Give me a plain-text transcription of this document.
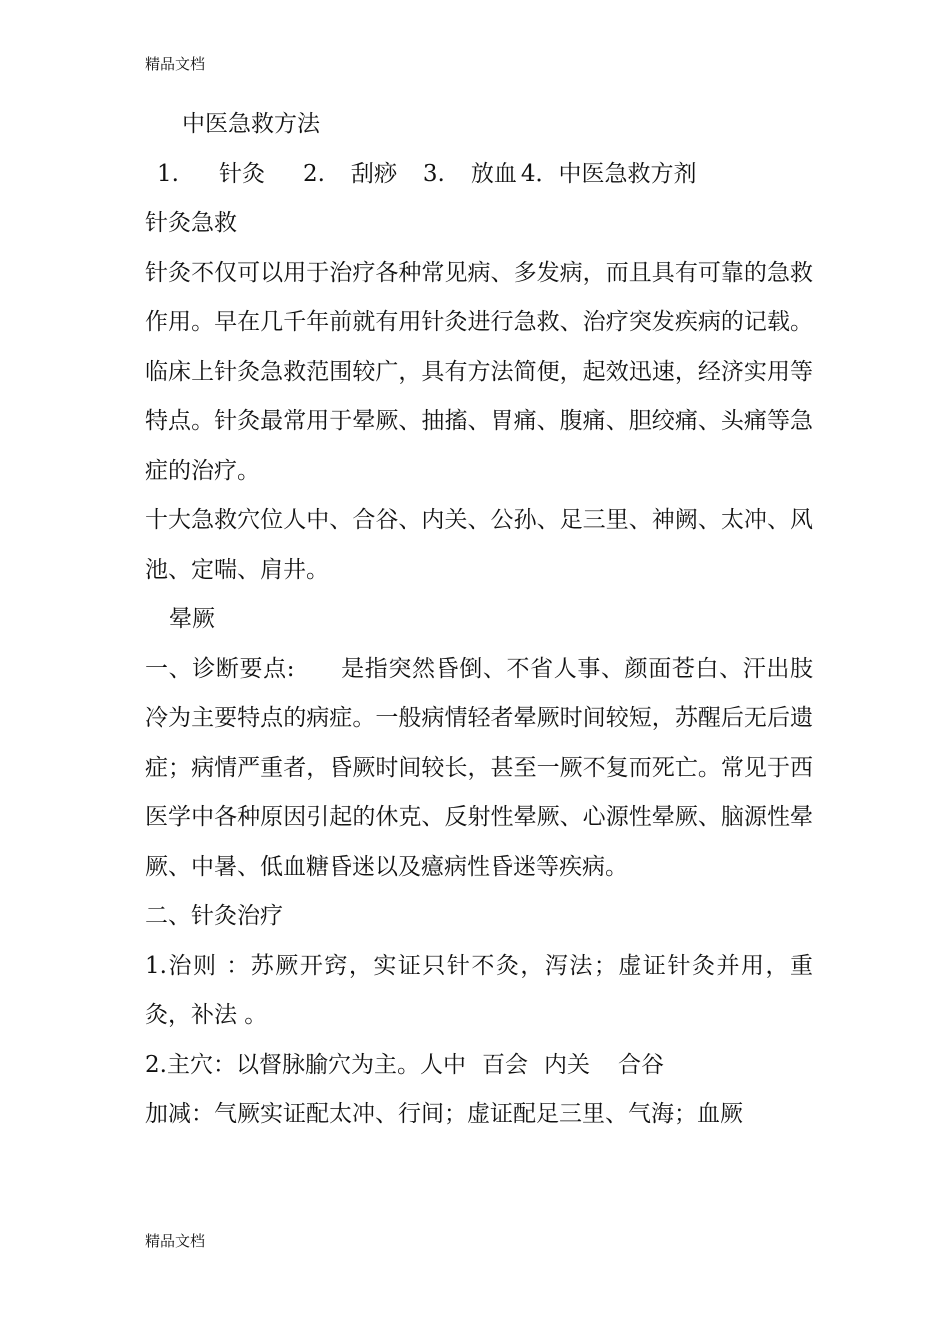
精品文档

中医急救方法

1. 针灸 2. 刮痧 3. 放血 4．中医急救方剂

针灸急救

针灸不仅可以用于治疗各种常见病、多发病，而且具有可靠的急救作用。早在几千年前就有用针灸进行急救、治疗突发疾病的记载。临床上针灸急救范围较广，具有方法简便，起效迅速，经济实用等特点。针灸最常用于晕厥、抽搐、胃痛、腹痛、胆绞痛、头痛等急症的治疗。

十大急救穴位人中、合谷、内关、公孙、足三里、神阙、太冲、风池、定喘、肩井。

晕厥

一、诊断要点: 是指突然昏倒、不省人事、颜面苍白、汗出肢冷为主要特点的病症。一般病情轻者晕厥时间较短，苏醒后无后遗症；病情严重者，昏厥时间较长，甚至一厥不复而死亡。常见于西医学中各种原因引起的休克、反射性晕厥、心源性晕厥、脑源性晕厥、中暑、低血糖昏迷以及癔病性昏迷等疾病。

二、针灸治疗

1.治则 ：苏厥开窍，实证只针不灸，泻法；虚证针灸并用，重灸，补法 。

2.主穴：以督脉腧穴为主。人中 百会 内关 合谷

加减：气厥实证配太冲、行间；虚证配足三里、气海；血厥

精品文档
